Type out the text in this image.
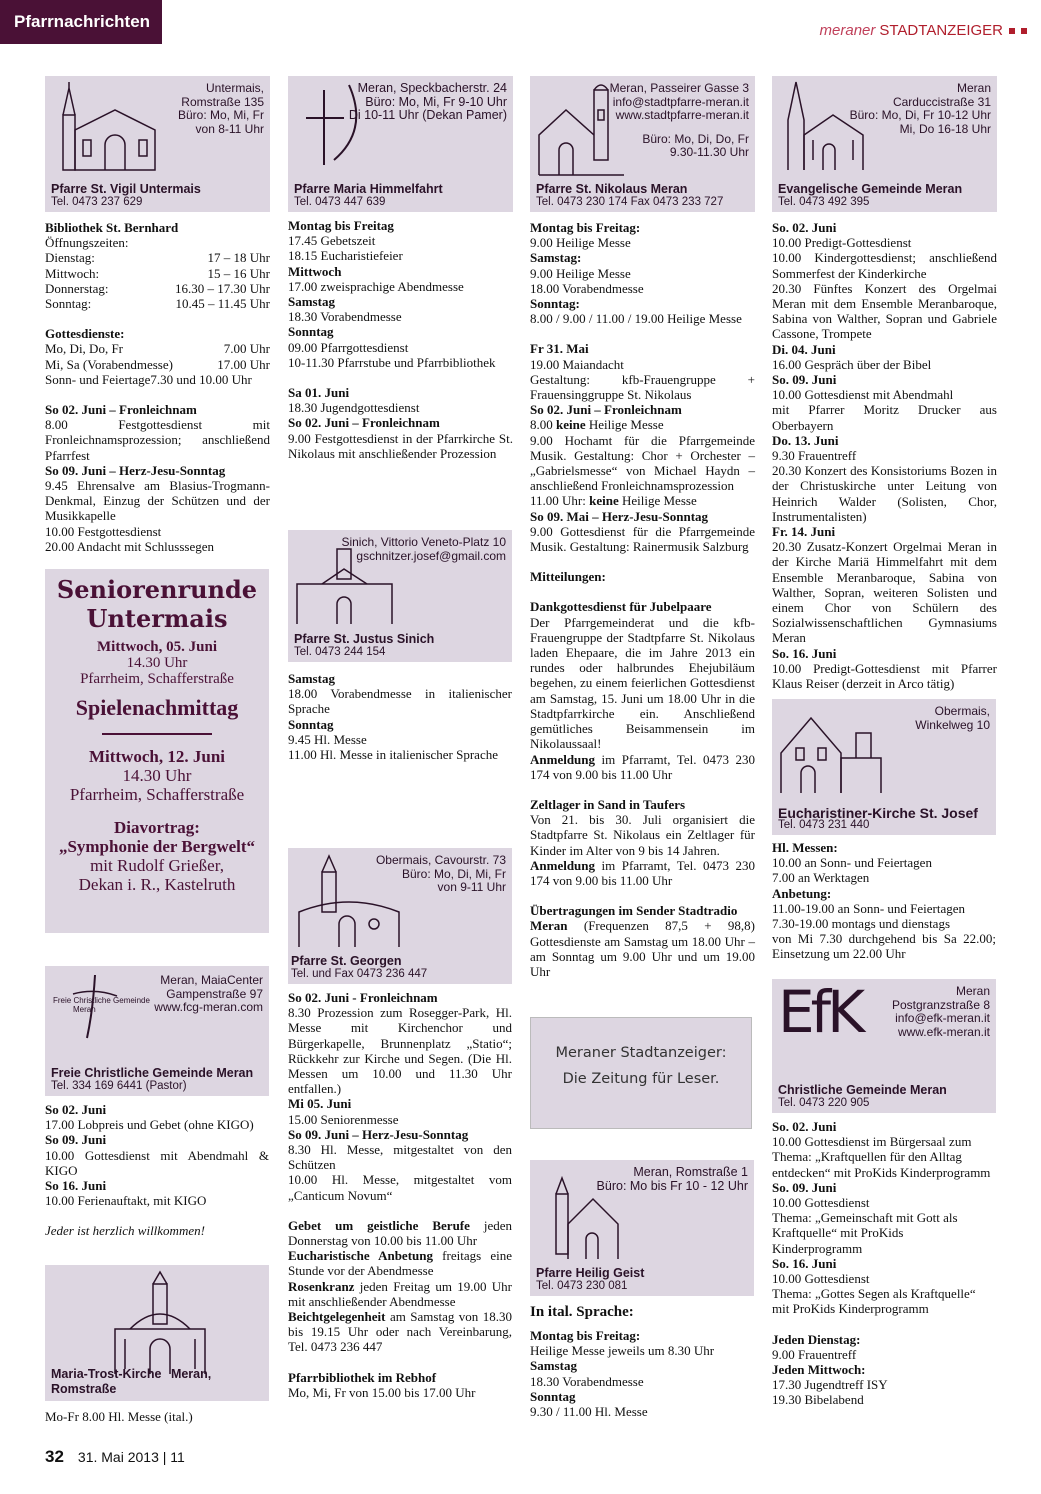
Pfarrnachrichten	meraner STADTANZEIGER
Untermais,
Romstraße 135
Büro: Mo, Mi, Fr
von 8-11 Uhr
Pfarre St. Vigil Untermais
Tel. 0473 237 629

Bibliothek St. Bernhard

Öffnungszeiten:

Dienstag:	17 – 18 Uhr
Mittwoch:	15 – 16 Uhr
Donnerstag:	16.30 – 17.30 Uhr
Sonntag:	10.45 – 11.45 Uhr

Gottesdienste:

Mo, Di, Do, Fr	7.00 Uhr
Mi, Sa (Vorabendmesse)	17.00 Uhr
Sonn- und Feiertage7.30 und 10.00 Uhr

So 02. Juni – Fronleichnam

8.00 Festgottesdienst mit Fronleichnamsprozession; anschließend Pfarrfest

So 09. Juni – Herz-Jesu-Sonntag

9.45 Ehrensalve am Blasius-Trogmann-Denkmal, Einzug der Schützen und der Musikkapelle

10.00 Festgottesdienst

20.00 Andacht mit Schlusssegen

Seniorenrunde
Untermais
Mittwoch, 05. Juni
14.30 Uhr
Pfarrheim, Schafferstraße
Spielenachmittag
Mittwoch, 12. Juni
14.30 Uhr
Pfarrheim, Schafferstraße
Diavortrag:
„Symphonie der Bergwelt“
mit Rudolf Grießer,
Dekan i. R., Kastelruth
Freie Christliche Gemeinde
Meran
Meran, MaiaCenter
Gampenstraße 97
www.fcg-meran.com
Freie Christliche Gemeinde Meran
Tel. 334 169 6441 (Pastor)

So 02. Juni

17.00 Lobpreis und Gebet (ohne KIGO)

So 09. Juni

10.00 Gottesdienst mit Abendmahl & KIGO

So 16. Juni

10.00 Ferienauftakt, mit KIGO

Jeder ist herzlich willkommen!

Maria-Trost-Kirche Meran, Romstraße

Mo-Fr 8.00 Hl. Messe (ital.)

Meran, Speckbacherstr. 24
Büro: Mo, Mi, Fr 9-10 Uhr
Di 10-11 Uhr (Dekan Pamer)
Pfarre Maria Himmelfahrt
Tel. 0473 447 639

Montag bis Freitag

17.45 Gebetszeit

18.15 Eucharistiefeier

Mittwoch

17.00 zweisprachige Abendmesse

Samstag

18.30 Vorabendmesse

Sonntag

09.00 Pfarrgottesdienst

10-11.30 Pfarrstube und Pfarrbibliothek

Sa 01. Juni

18.30 Jugendgottesdienst

So 02. Juni – Fronleichnam

9.00 Festgottesdienst in der Pfarrkirche St. Nikolaus mit anschließender Prozession

Sinich, Vittorio Veneto-Platz 10
gschnitzer.josef@gmail.com
Pfarre St. Justus Sinich
Tel. 0473 244 154

Samstag

18.00 Vorabendmesse in italienischer Sprache

Sonntag

9.45 Hl. Messe

11.00 Hl. Messe in italienischer Sprache

Obermais, Cavourstr. 73
Büro: Mo, Di, Mi, Fr
von 9-11 Uhr
Pfarre St. Georgen
Tel. und Fax 0473 236 447

So 02. Juni - Fronleichnam

8.30 Prozession zum Rosegger-Park, Hl. Messe mit Kirchenchor und Bürgerkapelle, Brunnenplatz „Statio“; Rückkehr zur Kirche und Segen. (Die Hl. Messen um 10.00 und 11.30 Uhr entfallen.)

Mi 05. Juni

15.00 Seniorenmesse

So 09. Juni – Herz-Jesu-Sonntag

8.30 Hl. Messe, mitgestaltet von den Schützen

10.00 Hl. Messe, mitgestaltet vom „Canticum Novum“

Gebet um geistliche Berufe jeden Donnerstag von 10.00 bis 11.00 Uhr

Eucharistische Anbetung freitags eine Stunde vor der Abendmesse

Rosenkranz jeden Freitag um 19.00 Uhr mit anschließender Abendmesse

Beichtgelegenheit am Samstag von 18.30 bis 19.15 Uhr oder nach Vereinbarung, Tel. 0473 236 447

Pfarrbibliothek im Rebhof

Mo, Mi, Fr von 15.00 bis 17.00 Uhr

Meran, Passeirer Gasse 3
info@stadtpfarre-meran.it
www.stadtpfarre-meran.it
Büro: Mo, Di, Do, Fr
9.30-11.30 Uhr
Pfarre St. Nikolaus Meran
Tel. 0473 230 174 Fax 0473 233 727

Montag bis Freitag:

9.00 Heilige Messe

Samstag:

9.00 Heilige Messe

18.00 Vorabendmesse

Sonntag:

8.00 / 9.00 / 11.00 / 19.00 Heilige Messe

Fr 31. Mai

19.00 Maiandacht

Gestaltung: kfb-Frauengruppe + Frauensinggruppe St. Nikolaus

So 02. Juni – Fronleichnam

8.00 keine Heilige Messe

9.00 Hochamt für die Pfarrgemeinde Musik. Gestaltung: Chor + Orchester – „Gabrielsmesse“ von Michael Haydn – anschließend Fronleichnamsprozession

11.00 Uhr: keine Heilige Messe

So 09. Mai – Herz-Jesu-Sonntag

9.00 Gottesdienst für die Pfarrgemeinde Musik. Gestaltung: Rainermusik Salzburg

Mitteilungen:

Dankgottesdienst für Jubelpaare

Der Pfarrgemeinderat und die kfb-Frauengruppe der Stadtpfarre St. Nikolaus laden Ehepaare, die im Jahre 2013 ein rundes oder halbrundes Ehejubiläum begehen, zu einem feierlichen Gottesdienst am Samstag, 15. Juni um 18.00 Uhr in die Stadtpfarrkirche ein. Anschließend gemütliches Beisammensein im Nikolaussaal!

Anmeldung im Pfarramt, Tel. 0473 230 174 von 9.00 bis 11.00 Uhr

Zeltlager in Sand in Taufers

Von 21. bis 30. Juli organisiert die Stadtpfarre St. Nikolaus ein Zeltlager für Kinder im Alter von 9 bis 14 Jahren.

Anmeldung im Pfarramt, Tel. 0473 230 174 von 9.00 bis 11.00 Uhr

Übertragungen im Sender Stadtradio

Meran (Frequenzen 87,5 + 98,8) Gottesdienste am Samstag um 18.00 Uhr – am Sonntag um 9.00 Uhr und um 19.00 Uhr

Meraner Stadtanzeiger:
Die Zeitung für Leser.
Meran, Romstraße 1
Büro: Mo bis Fr 10 - 12 Uhr
Pfarre Heilig Geist
Tel. 0473 230 081

In ital. Sprache:

Montag bis Freitag:

Heilige Messe jeweils um 8.30 Uhr

Samstag

18.30 Vorabendmesse

Sonntag

9.30 / 11.00 Hl. Messe

Meran
Carduccistraße 31
Büro: Mo, Di, Fr 10-12 Uhr
Mi, Do 16-18 Uhr
Evangelische Gemeinde Meran
Tel. 0473 492 395

So. 02. Juni

10.00 Predigt-Gottesdienst

10.00 Kindergottesdienst; anschließend Sommerfest der Kinderkirche

20.30 Fünftes Konzert des Orgelmai Meran mit dem Ensemble Meranbaroque, Sabina von Walther, Sopran und Gabriele Cassone, Trompete

Di. 04. Juni

16.00 Gespräch über der Bibel

So. 09. Juni

10.00 Gottesdienst mit Abendmahl

mit Pfarrer Moritz Drucker aus Oberbayern

Do. 13. Juni

9.30 Frauentreff

20.30 Konzert des Konsistoriums Bozen in der Christuskirche unter Leitung von Heinrich Walder (Solisten, Chor, Instrumentalisten)

Fr. 14. Juni

20.30 Zusatz-Konzert Orgelmai Meran in der Kirche Mariä Himmelfahrt mit dem Ensemble Meranbaroque, Sabina von Walther, Sopran, weiteren Solisten und einem Chor von Schülern des Sozialwissenschaftlichen Gymnasiums Meran

So. 16. Juni

10.00 Predigt-Gottesdienst mit Pfarrer Klaus Reiser (derzeit in Arco tätig)

Obermais,
Winkelweg 10
Eucharistiner-Kirche St. Josef
Tel. 0473 231 440

Hl. Messen:

10.00 an Sonn- und Feiertagen

7.00 an Werktagen

Anbetung:

11.00-19.00 an Sonn- und Feiertagen

7.30-19.00 montags und dienstags

von Mi 7.30 durchgehend bis Sa 22.00; Einsetzung um 22.00 Uhr

EfK	Meran
Postgranzstraße 8
info@efk-meran.it
www.efk-meran.it
Christliche Gemeinde Meran
Tel. 0473 220 905

So. 02. Juni

10.00 Gottesdienst im Bürgersaal zum

Thema: „Kraftquellen für den Alltag entdecken“ mit ProKids Kinderprogramm

So. 09. Juni

10.00 Gottesdienst

Thema: „Gemeinschaft mit Gott als Kraftquelle“ mit ProKids Kinderprogramm

So. 16. Juni

10.00 Gottesdienst

Thema: „Gottes Segen als Kraftquelle“ mit ProKids Kinderprogramm

Jeden Dienstag:

9.00 Frauentreff

Jeden Mittwoch:

17.30 Jugendtreff ISY

19.30 Bibelabend

32 31. Mai 2013 | 11
